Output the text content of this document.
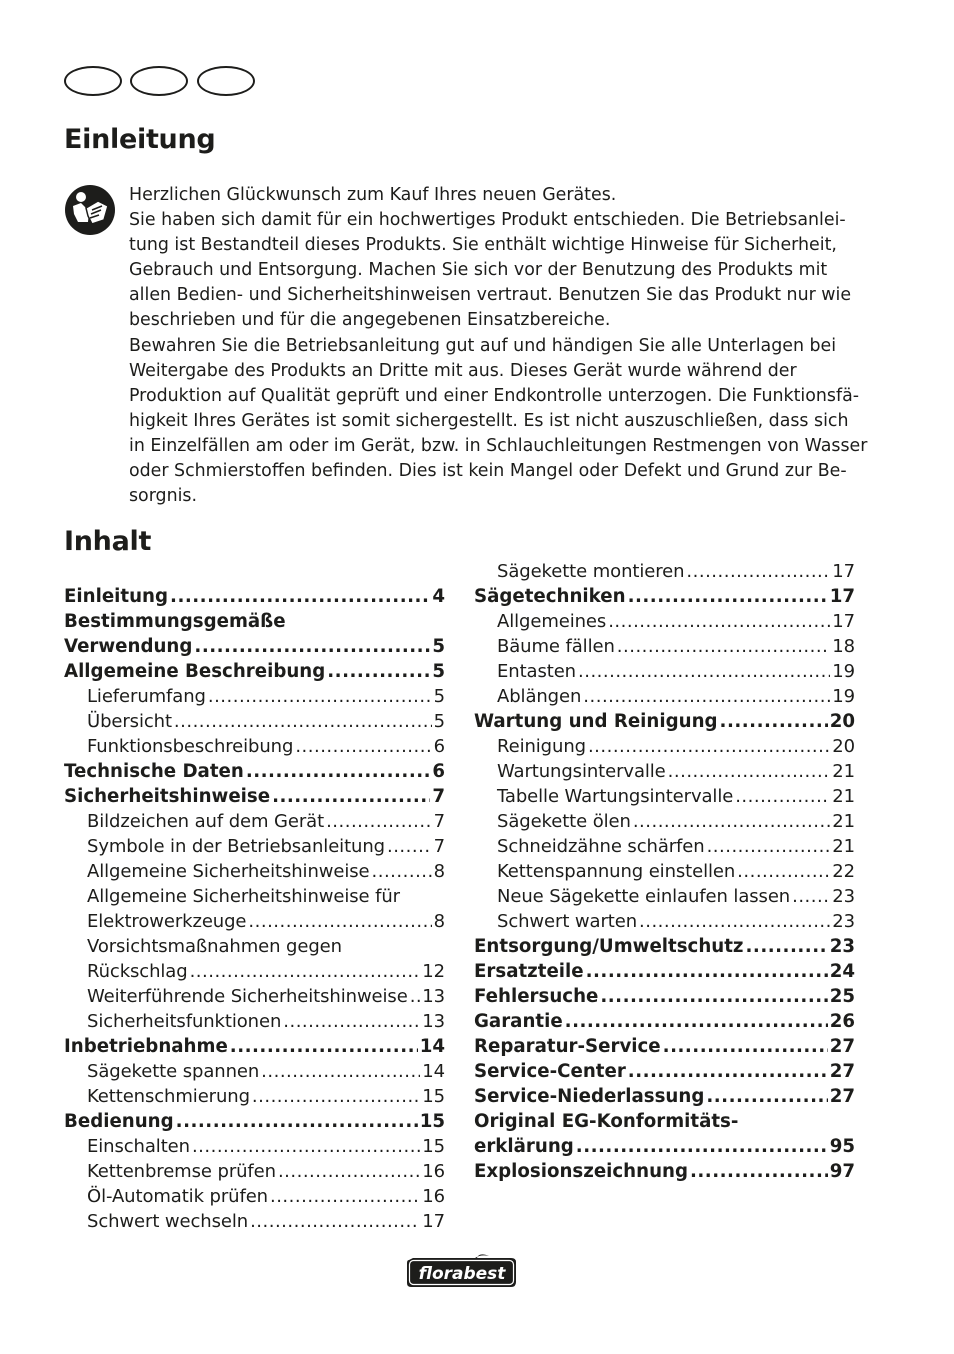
Einleitung

Herzlichen Glückwunsch zum Kauf Ihres neuen Gerätes.

Sie haben sich damit für ein hochwertiges Produkt entschieden. Die Betriebsanlei-tung ist Bestandteil dieses Produkts. Sie enthält wichtige Hinweise für Sicherheit, Gebrauch und Entsorgung. Machen Sie sich vor der Benutzung des Produkts mit allen Bedien- und Sicherheitshinweisen vertraut. Benutzen Sie das Produkt nur wie beschrieben und für die angegebenen Einsatzbereiche.

Bewahren Sie die Betriebsanleitung gut auf und händigen Sie alle Unterlagen bei Weitergabe des Produkts an Dritte mit aus. Dieses Gerät wurde während der Produktion auf Qualität geprüft und einer Endkontrolle unterzogen. Die Funktionsfä-higkeit Ihres Gerätes ist somit sichergestellt. Es ist nicht auszuschließen, dass sich in Einzelfällen am oder im Gerät, bzw. in Schlauchleitungen Restmengen von Wasser oder Schmierstoffen befinden. Dies ist kein Mangel oder Defekt und Grund zur Be-sorgnis.

Inhalt
Einleitung .....	4
Bestimmungsgemäße
Verwendung .....	5
Allgemeine Beschreibung .....	5
Lieferumfang .....	5
Übersicht .....	5
Funktionsbeschreibung .....	6
Technische Daten .....	6
Sicherheitshinweise .....	7
Bildzeichen auf dem Gerät .....	7
Symbole in der Betriebsanleitung .....	7
Allgemeine Sicherheitshinweise .....	8
Allgemeine Sicherheitshinweise für
Elektrowerkzeuge .....	8
Vorsichtsmaßnahmen gegen
Rückschlag .....	12
Weiterführende Sicherheitshinweise ..... 13
Sicherheitsfunktionen .....	13
Inbetriebnahme .....	14
Sägekette spannen .....	14
Kettenschmierung .....	15
Bedienung .....	15
Einschalten .....	15
Kettenbremse prüfen .....	16
Öl-Automatik prüfen .....	16
Schwert wechseln .....	17
Sägekette montieren .....	17
Sägetechniken .....	17
Allgemeines .....	17
Bäume fällen .....	18
Entasten .....	19
Ablängen .....	19
Wartung und Reinigung .....	20
Reinigung .....	20
Wartungsintervalle .....	21
Tabelle Wartungsintervalle .....	21
Sägekette ölen .....	21
Schneidzähne schärfen .....	21
Kettenspannung einstellen .....	22
Neue Sägekette einlaufen lassen ..... 23
Schwert warten .....	23
Entsorgung/Umweltschutz .....	23
Ersatzteile .....	24
Fehlersuche .....	25
Garantie .....	26
Reparatur-Service .....	27
Service-Center .....	27
Service-Niederlassung .....	27
Original EG-Konformitäts-
erklärung .....	95
Explosionszeichnung .....	97
florabest
